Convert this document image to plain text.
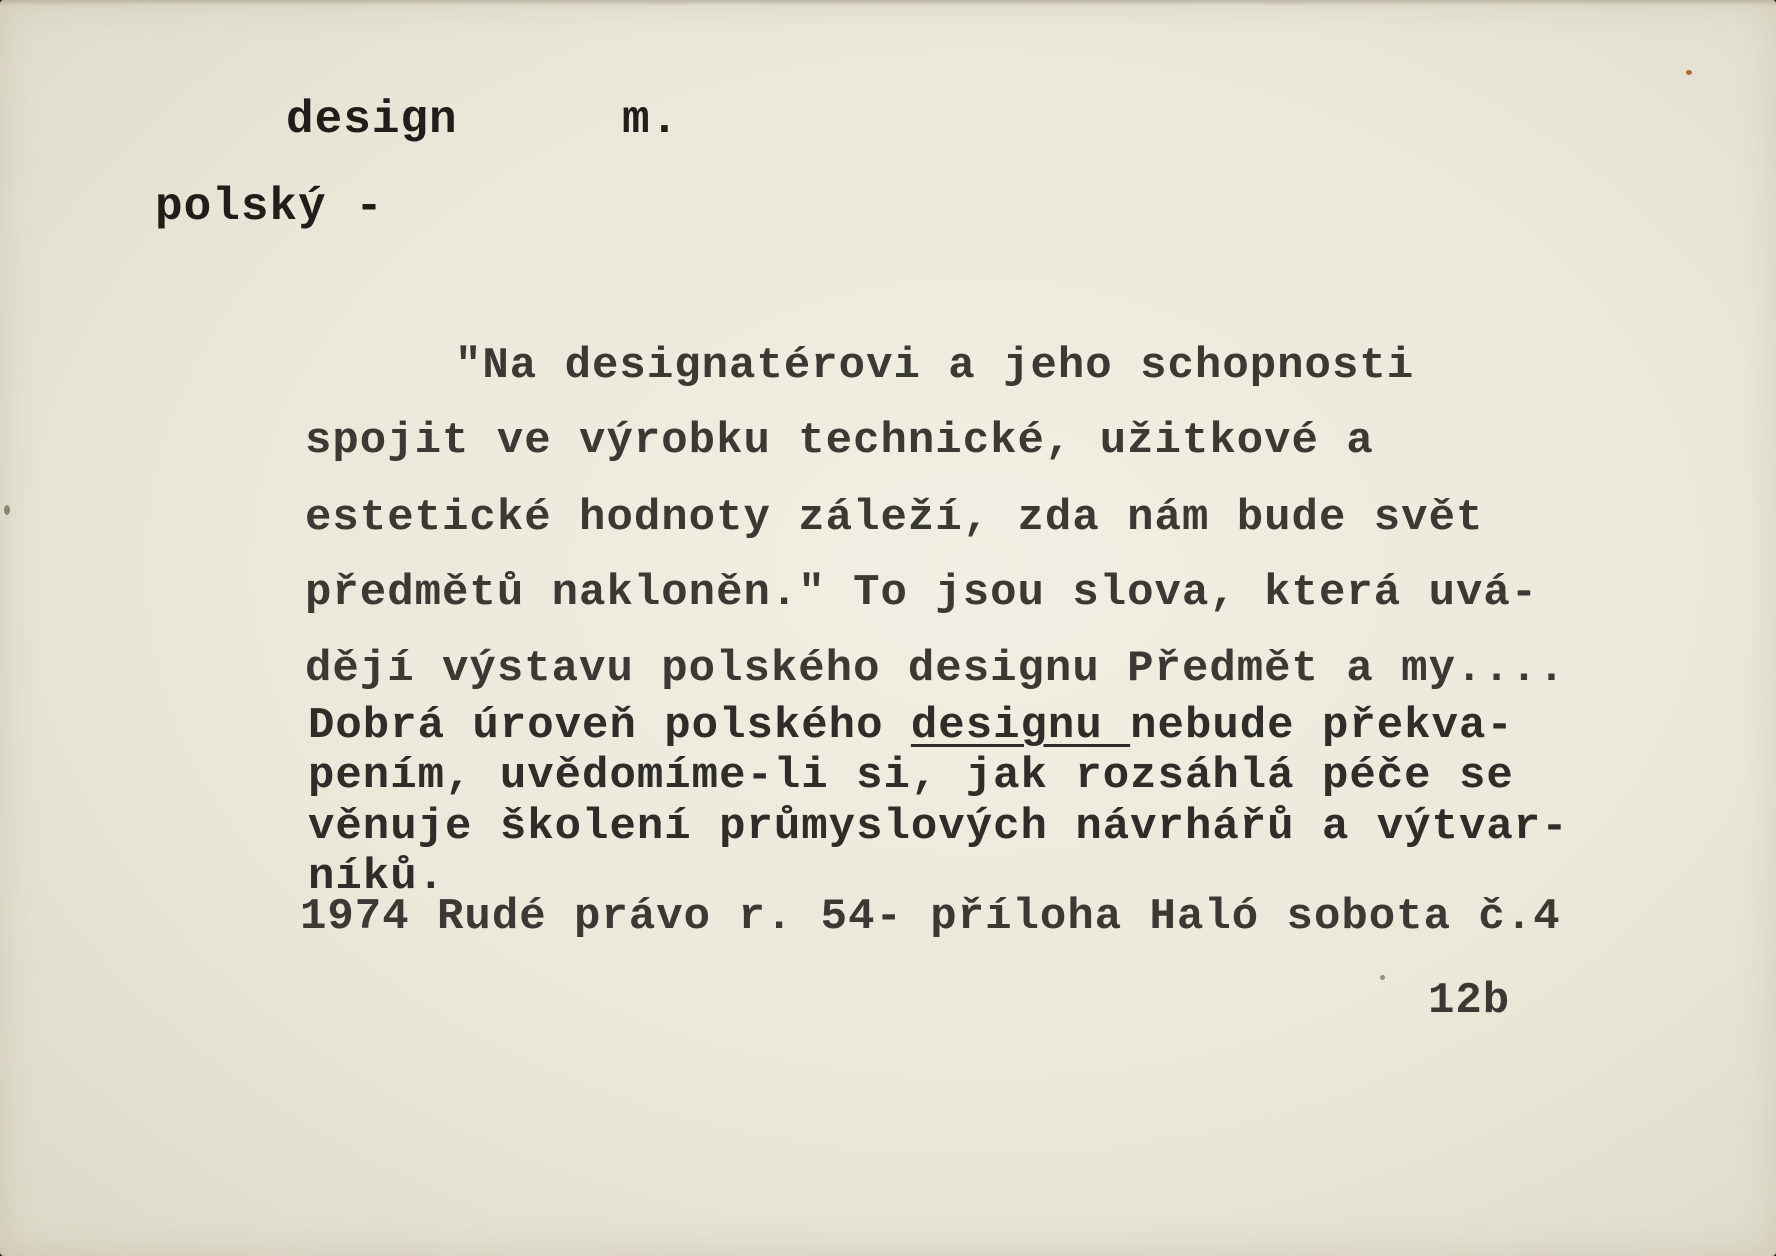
design	m.

polský -

"Na designatérovi a jeho schopnosti

spojit ve výrobku technické, užitkové a

estetické hodnoty záleží, zda nám bude svět

předmětů nakloněn." To jsou slova, která uvá-

dějí výstavu polského designu Předmět a my....

Dobrá úroveň polského designu nebude překva-

pením, uvědomíme-li si, jak rozsáhlá péče se

věnuje školení průmyslových návrhářů a výtvar-

níků.

1974 Rudé právo r. 54- příloha Haló sobota č.4

12b
